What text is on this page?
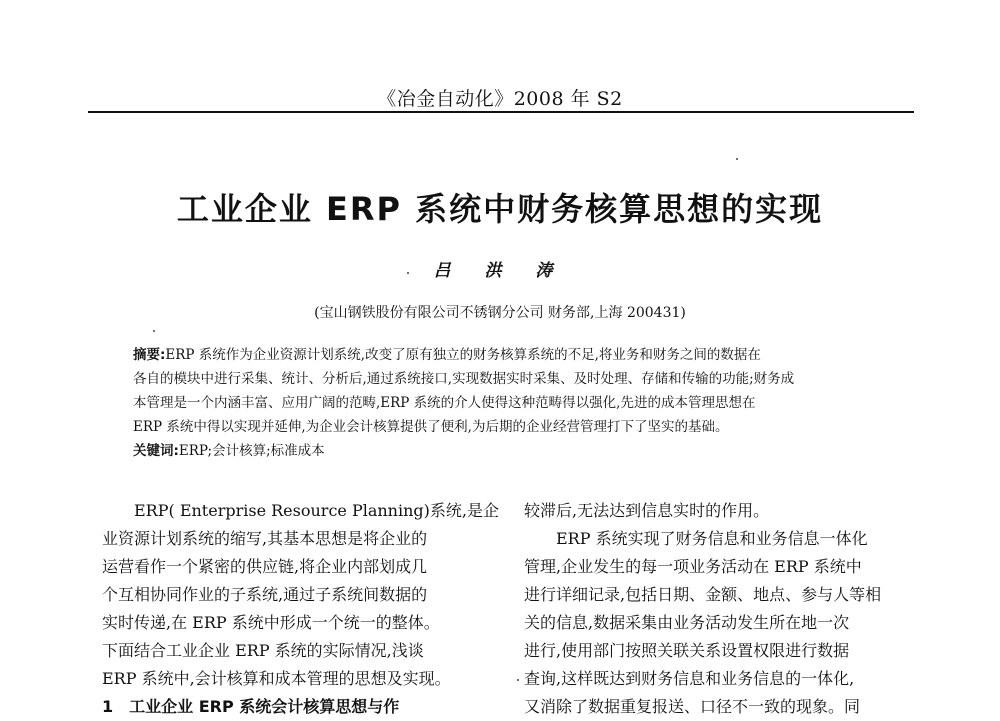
《冶金自动化》2008 年 S2
工业企业 ERP 系统中财务核算思想的实现
吕 洪 涛
(宝山钢铁股份有限公司不锈钢分公司 财务部,上海 200431)
摘要:ERP 系统作为企业资源计划系统,改变了原有独立的财务核算系统的不足,将业务和财务之间的数据在
各自的模块中进行采集、统计、分析后,通过系统接口,实现数据实时采集、及时处理、存储和传输的功能;财务成
本管理是一个内涵丰富、应用广阔的范畴,ERP 系统的介人使得这种范畴得以强化,先进的成本管理思想在
ERP 系统中得以实现并延伸,为企业会计核算提供了便利,为后期的企业经营管理打下了坚实的基础。
关键词:ERP;会计核算;标准成本
ERP( Enterprise Resource Planning)系统,是企
业资源计划系统的缩写,其基本思想是将企业的
运营看作一个紧密的供应链,将企业内部划成几
个互相协同作业的子系统,通过子系统间数据的
实时传递,在 ERP 系统中形成一个统一的整体。
下面结合工业企业 ERP 系统的实际情况,浅谈
ERP 系统中,会计核算和成本管理的思想及实现。
1　工业企业 ERP 系统会计核算思想与作
较滞后,无法达到信息实时的作用。
ERP 系统实现了财务信息和业务信息一体化
管理,企业发生的每一项业务活动在 ERP 系统中
进行详细记录,包括日期、金额、地点、参与人等相
关的信息,数据采集由业务活动发生所在地一次
进行,使用部门按照关联关系设置权限进行数据
查询,这样既达到财务信息和业务信息的一体化,
又消除了数据重复报送、口径不一致的现象。同
